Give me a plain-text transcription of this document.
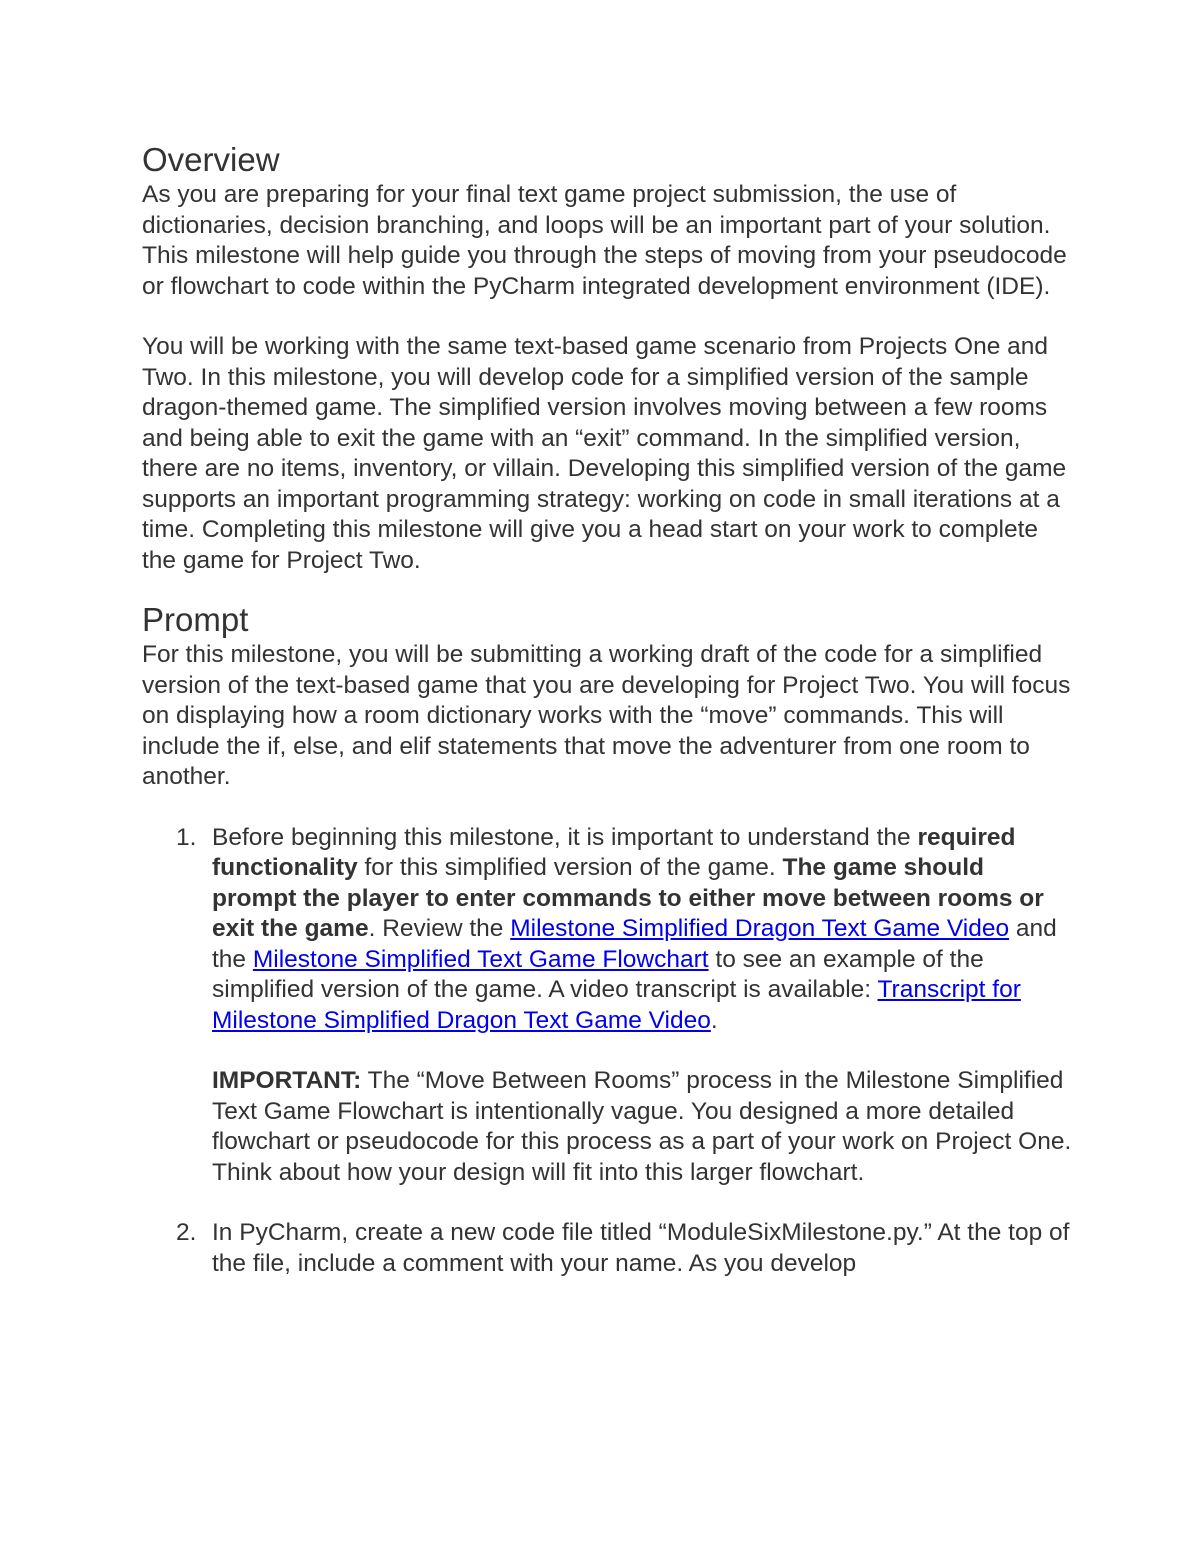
Overview

As you are preparing for your final text game project submission, the use of dictionaries, decision branching, and loops will be an important part of your solution. This milestone will help guide you through the steps of moving from your pseudocode or flowchart to code within the PyCharm integrated development environment (IDE).

You will be working with the same text-based game scenario from Projects One and Two. In this milestone, you will develop code for a simplified version of the sample dragon-themed game. The simplified version involves moving between a few rooms and being able to exit the game with an “exit” command. In the simplified version, there are no items, inventory, or villain. Developing this simplified version of the game supports an important programming strategy: working on code in small iterations at a time. Completing this milestone will give you a head start on your work to complete the game for Project Two.

Prompt

For this milestone, you will be submitting a working draft of the code for a simplified version of the text-based game that you are developing for Project Two. You will focus on displaying how a room dictionary works with the “move” commands. This will include the if, else, and elif statements that move the adventurer from one room to another.

1. Before beginning this milestone, it is important to understand the required functionality for this simplified version of the game. The game should prompt the player to enter commands to either move between rooms or exit the game. Review the Milestone Simplified Dragon Text Game Video and the Milestone Simplified Text Game Flowchart to see an example of the simplified version of the game. A video transcript is available: Transcript for Milestone Simplified Dragon Text Game Video.
IMPORTANT: The “Move Between Rooms” process in the Milestone Simplified Text Game Flowchart is intentionally vague. You designed a more detailed flowchart or pseudocode for this process as a part of your work on Project One. Think about how your design will fit into this larger flowchart.
2. In PyCharm, create a new code file titled “ModuleSixMilestone.py.” At the top of the file, include a comment with your name. As you develop
